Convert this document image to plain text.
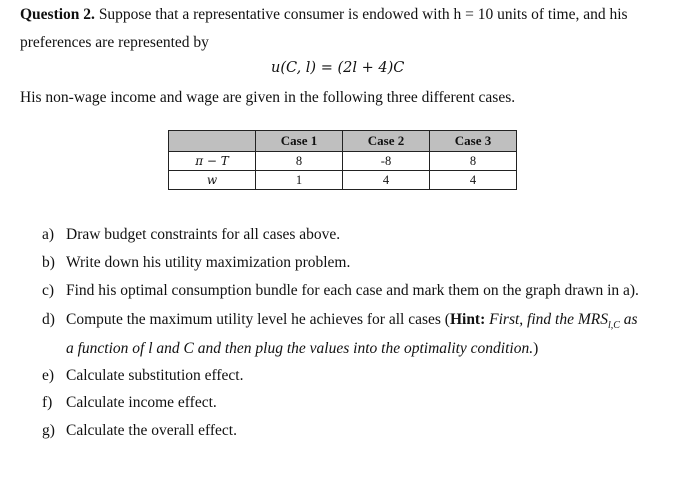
Question 2. Suppose that a representative consumer is endowed with h = 10 units of time, and his
preferences are represented by
u(C, l) = (2l + 4)C
His non-wage income and wage are given in the following three different cases.
	Case 1	Case 2	Case 3
π − T	8	-8	8
w	1	4	4
a) Draw budget constraints for all cases above.
b) Write down his utility maximization problem.
c) Find his optimal consumption bundle for each case and mark them on the graph drawn in a).
d) Compute the maximum utility level he achieves for all cases (Hint: First, find the $MRS_{l,C}$ as
a function of l and C and then plug the values into the optimality condition.)
e) Calculate substitution effect.
f) Calculate income effect.
g) Calculate the overall effect.
